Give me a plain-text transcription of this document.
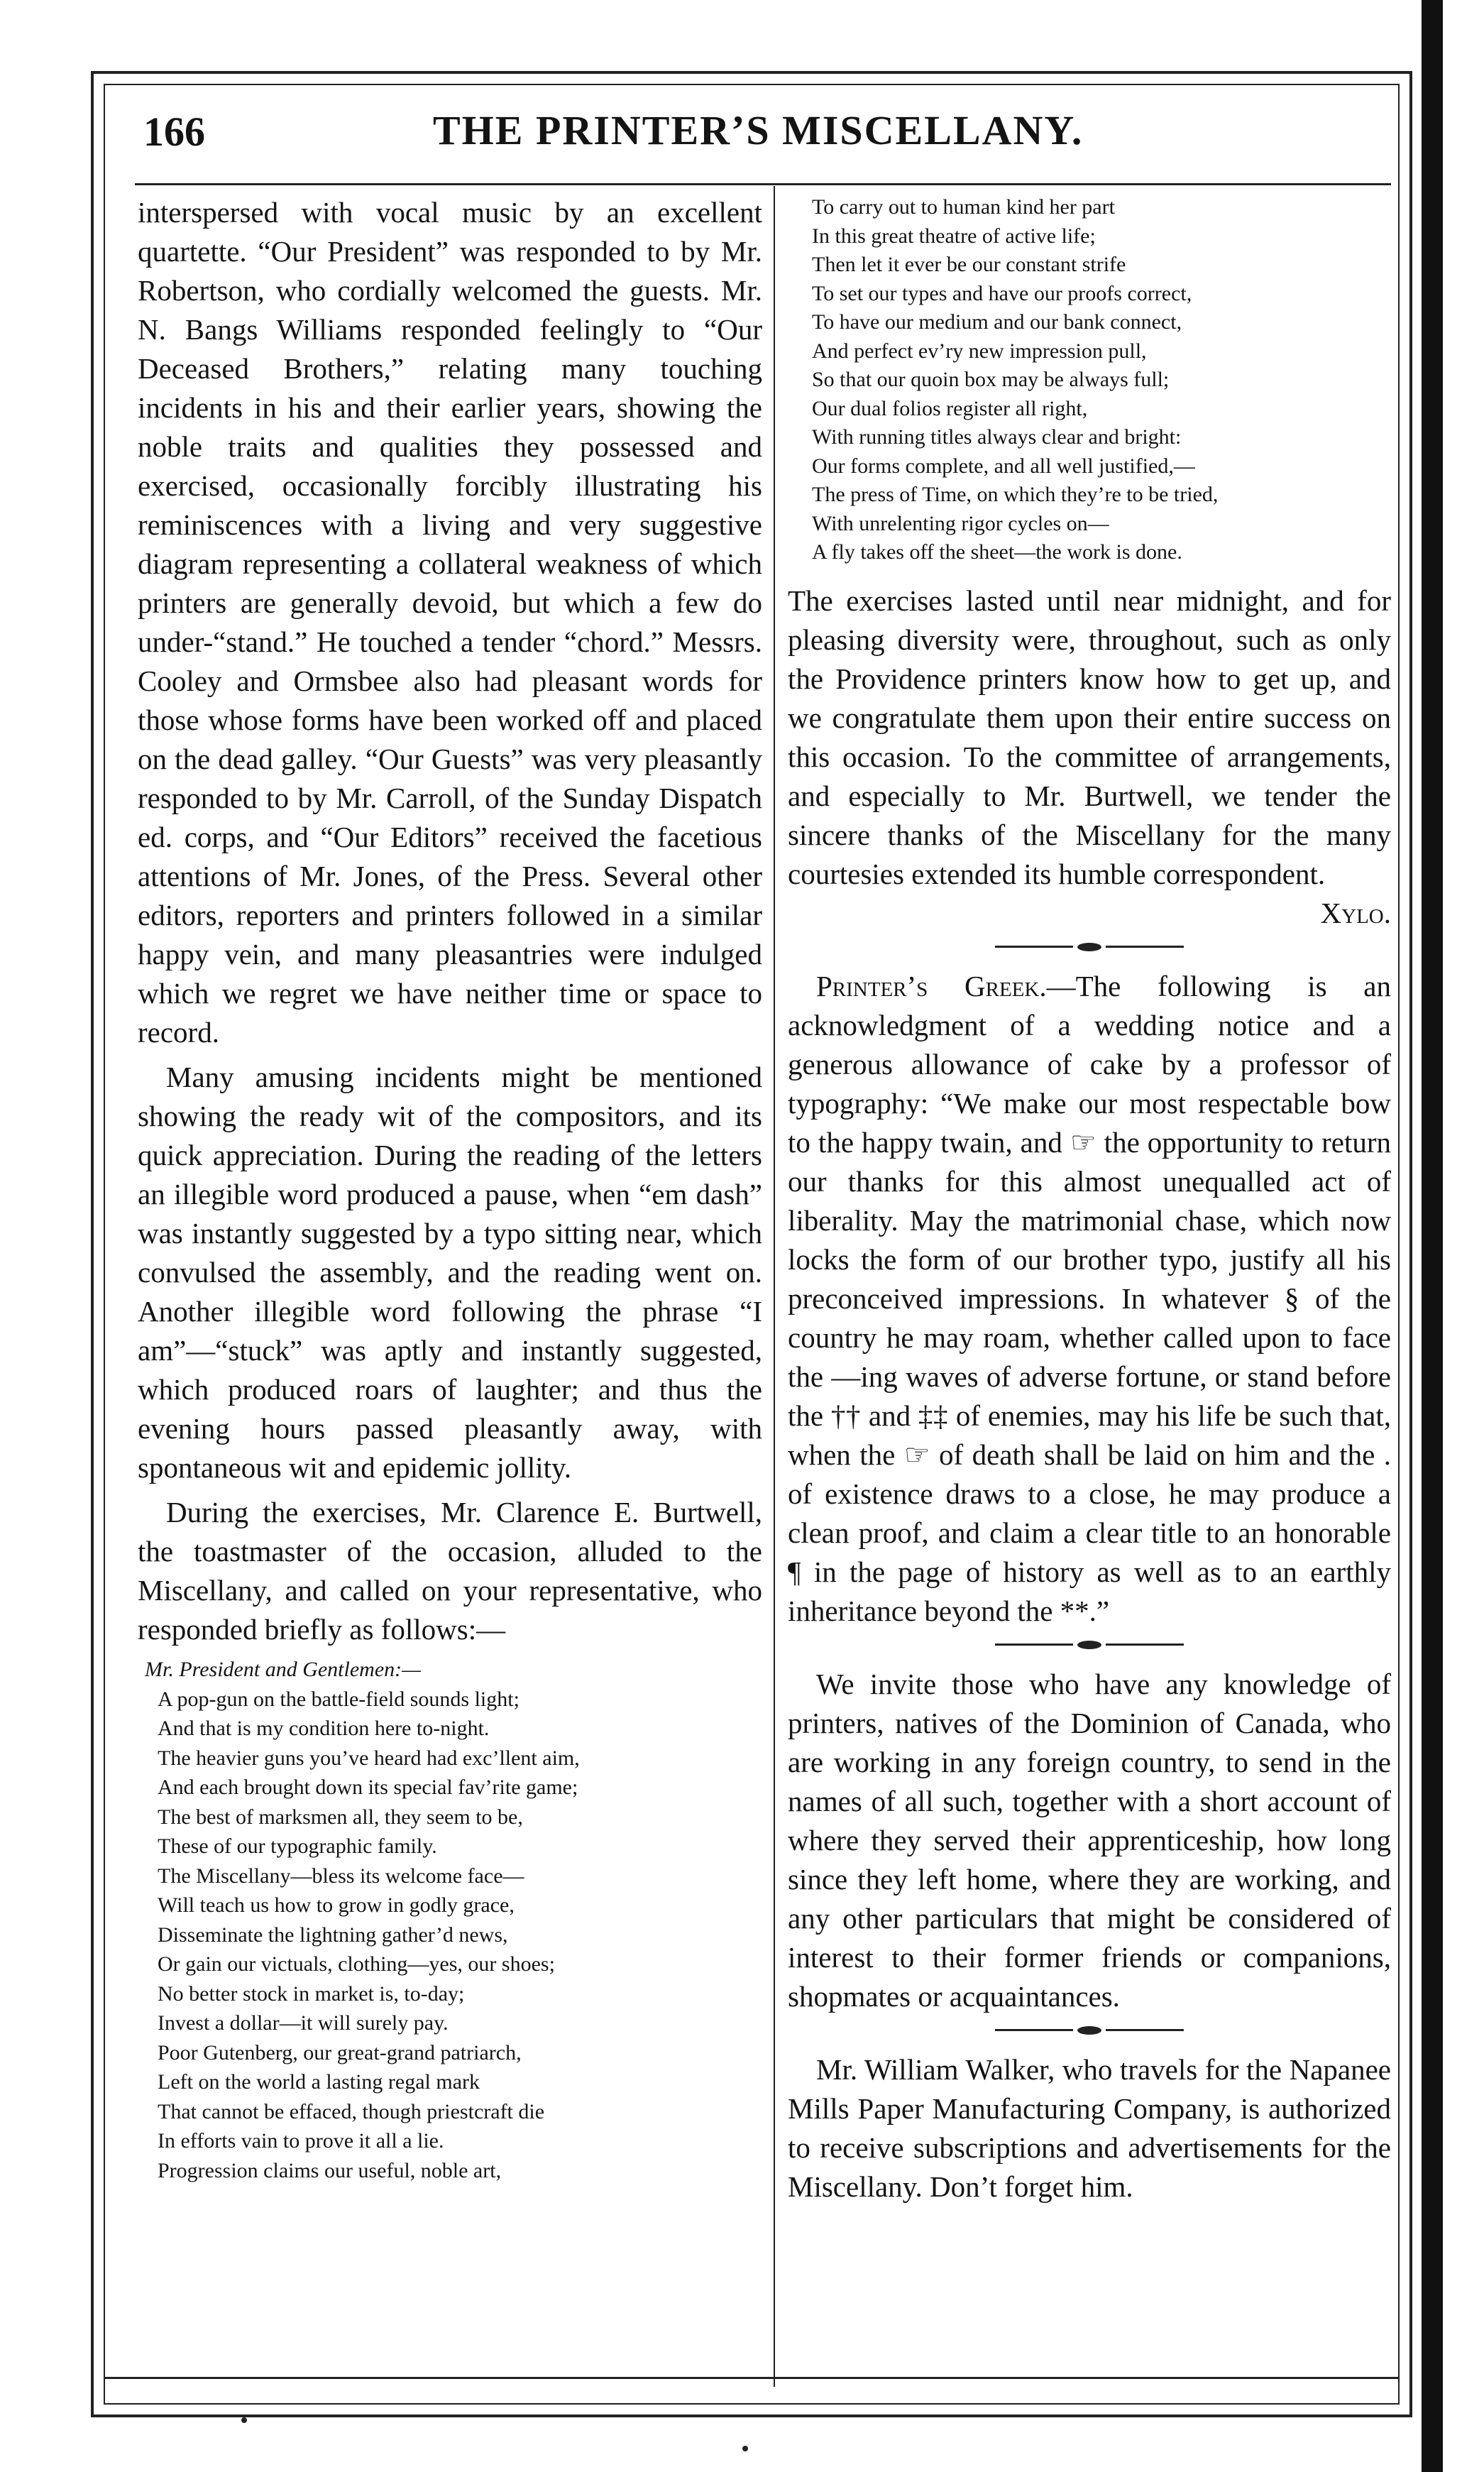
166	THE PRINTER’S MISCELLANY.

interspersed with vocal music by an excellent quartette. “Our President” was responded to by Mr. Robertson, who cordially welcomed the guests. Mr. N. Bangs Williams responded feelingly to “Our Deceased Brothers,” relating many touching incidents in his and their earlier years, showing the noble traits and qualities they possessed and exercised, occasionally forcibly illustrating his reminiscences with a living and very suggestive diagram representing a collateral weakness of which printers are generally devoid, but which a few do under-“stand.” He touched a tender “chord.” Messrs. Cooley and Ormsbee also had pleasant words for those whose forms have been worked off and placed on the dead galley. “Our Guests” was very pleasantly responded to by Mr. Carroll, of the Sunday Dispatch ed. corps, and “Our Editors” received the facetious attentions of Mr. Jones, of the Press. Several other editors, reporters and printers followed in a similar happy vein, and many pleasantries were indulged which we regret we have neither time or space to record.

Many amusing incidents might be mentioned showing the ready wit of the compositors, and its quick appreciation. During the reading of the letters an illegible word produced a pause, when “em dash” was instantly suggested by a typo sitting near, which convulsed the assembly, and the reading went on. Another illegible word following the phrase “I am”—“stuck” was aptly and instantly suggested, which produced roars of laughter; and thus the evening hours passed pleasantly away, with spontaneous wit and epidemic jollity.

During the exercises, Mr. Clarence E. Burtwell, the toastmaster of the occasion, alluded to the Miscellany, and called on your representative, who responded briefly as follows:—

Mr. President and Gentlemen:—
A pop-gun on the battle-field sounds light;
And that is my condition here to-night.
The heavier guns you’ve heard had exc’llent aim,
And each brought down its special fav’rite game;
The best of marksmen all, they seem to be,
These of our typographic family.
The Miscellany—bless its welcome face—
Will teach us how to grow in godly grace,
Disseminate the lightning gather’d news,
Or gain our victuals, clothing—yes, our shoes;
No better stock in market is, to-day;
Invest a dollar—it will surely pay.
Poor Gutenberg, our great-grand patriarch,
Left on the world a lasting regal mark
That cannot be effaced, though priestcraft die
In efforts vain to prove it all a lie.
Progression claims our useful, noble art,
To carry out to human kind her part
In this great theatre of active life;
Then let it ever be our constant strife
To set our types and have our proofs correct,
To have our medium and our bank connect,
And perfect ev’ry new impression pull,
So that our quoin box may be always full;
Our dual folios register all right,
With running titles always clear and bright:
Our forms complete, and all well justified,—
The press of Time, on which they’re to be tried,
With unrelenting rigor cycles on—
A fly takes off the sheet—the work is done.

The exercises lasted until near midnight, and for pleasing diversity were, throughout, such as only the Providence printers know how to get up, and we congratulate them upon their entire success on this occasion. To the committee of arrangements, and especially to Mr. Burtwell, we tender the sincere thanks of the Miscellany for the many courtesies extended its humble correspondent.

Xylo.

Printer’s Greek.—The following is an acknowledgment of a wedding notice and a generous allowance of cake by a professor of typography: “We make our most respectable bow to the happy twain, and ☞ the opportunity to return our thanks for this almost unequalled act of liberality. May the matrimonial chase, which now locks the form of our brother typo, justify all his preconceived impressions. In whatever § of the country he may roam, whether called upon to face the —ing waves of adverse fortune, or stand before the †† and ‡‡ of enemies, may his life be such that, when the ☞ of death shall be laid on him and the . of existence draws to a close, he may produce a clean proof, and claim a clear title to an honorable ¶ in the page of history as well as to an earthly inheritance beyond the **.”

We invite those who have any knowledge of printers, natives of the Dominion of Canada, who are working in any foreign country, to send in the names of all such, together with a short account of where they served their apprenticeship, how long since they left home, where they are working, and any other particulars that might be considered of interest to their former friends or companions, shopmates or acquaintances.

Mr. William Walker, who travels for the Napanee Mills Paper Manufacturing Company, is authorized to receive subscriptions and advertisements for the Miscellany. Don’t forget him.
